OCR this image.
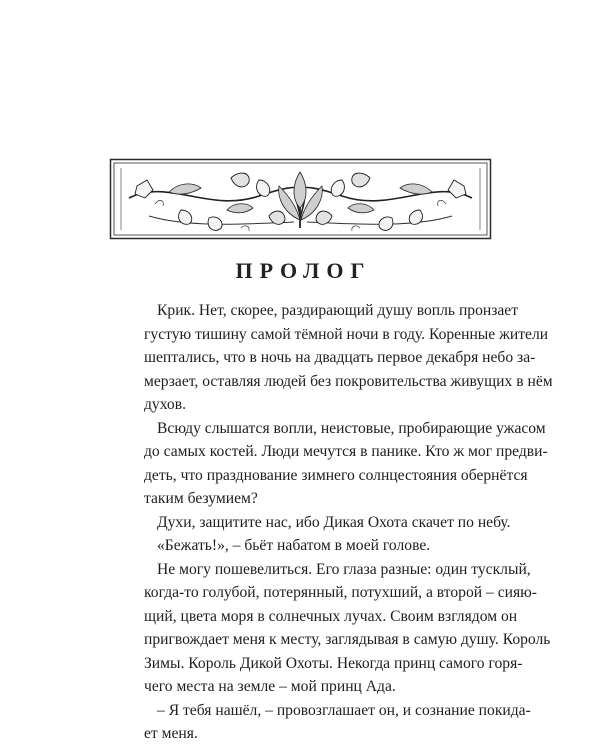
ПРОЛОГ

Крик. Нет, скорее, раздирающий душу вопль пронзает
густую тишину самой тёмной ночи в году. Коренные жители
шептались, что в ночь на двадцать первое декабря небо за-
мерзает, оставляя людей без покровительства живущих в нём
духов.

Всюду слышатся вопли, неистовые, пробирающие ужасом
до самых костей. Люди мечутся в панике. Кто ж мог предви-
деть, что празднование зимнего солнцестояния обернётся
таким безумием?

Духи, защитите нас, ибо Дикая Охота скачет по небу.

«Бежать!», – бьёт набатом в моей голове.

Не могу пошевелиться. Его глаза разные: один тусклый,
когда-то голубой, потерянный, потухший, а второй – сияю-
щий, цвета моря в солнечных лучах. Своим взглядом он
пригвождает меня к месту, заглядывая в самую душу. Король
Зимы. Король Дикой Охоты. Некогда принц самого горя-
чего места на земле – мой принц Ада.

– Я тебя нашёл, – провозглашает он, и сознание покида-
ет меня.
